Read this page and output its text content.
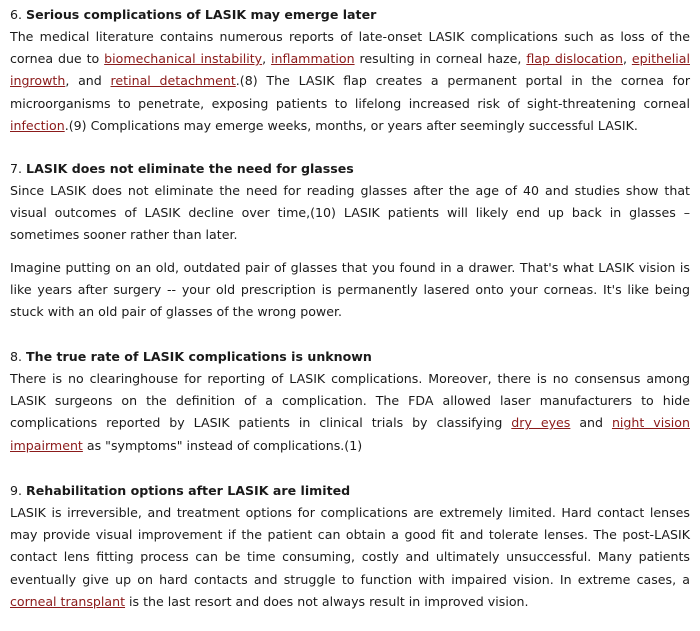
6. Serious complications of LASIK may emerge later

The medical literature contains numerous reports of late-onset LASIK complications such as loss of the cornea due to biomechanical instability, inflammation resulting in corneal haze, flap dislocation, epithelial ingrowth, and retinal detachment.(8) The LASIK flap creates a permanent portal in the cornea for microorganisms to penetrate, exposing patients to lifelong increased risk of sight-threatening corneal infection.(9) Complications may emerge weeks, months, or years after seemingly successful LASIK.

7. LASIK does not eliminate the need for glasses

Since LASIK does not eliminate the need for reading glasses after the age of 40 and studies show that visual outcomes of LASIK decline over time,(10) LASIK patients will likely end up back in glasses – sometimes sooner rather than later.

Imagine putting on an old, outdated pair of glasses that you found in a drawer. That's what LASIK vision is like years after surgery -- your old prescription is permanently lasered onto your corneas. It's like being stuck with an old pair of glasses of the wrong power.

8. The true rate of LASIK complications is unknown

There is no clearinghouse for reporting of LASIK complications. Moreover, there is no consensus among LASIK surgeons on the definition of a complication. The FDA allowed laser manufacturers to hide complications reported by LASIK patients in clinical trials by classifying dry eyes and night vision impairment as "symptoms" instead of complications.(1)

9. Rehabilitation options after LASIK are limited

LASIK is irreversible, and treatment options for complications are extremely limited. Hard contact lenses may provide visual improvement if the patient can obtain a good fit and tolerate lenses. The post-LASIK contact lens fitting process can be time consuming, costly and ultimately unsuccessful. Many patients eventually give up on hard contacts and struggle to function with impaired vision. In extreme cases, a corneal transplant is the last resort and does not always result in improved vision.
